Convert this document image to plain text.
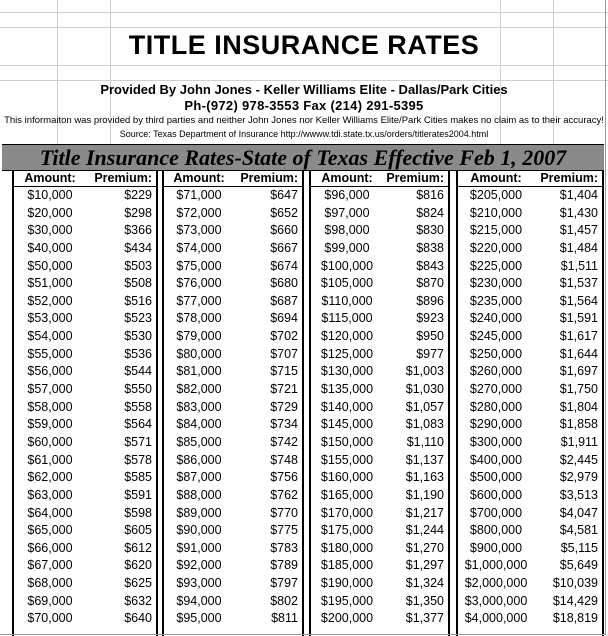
TITLE INSURANCE RATES
Provided By John Jones - Keller Williams Elite - Dallas/Park Cities
Ph-(972) 978-3553 Fax (214) 291-5395
This informaiton was provided by third parties and neither John Jones nor Keller Williams Elite/Park Cities makes no claim as to their accuracy!
Source: Texas Department of Insurance http://wwww.tdi.state.tx.us/orders/titlerates2004.html
Title Insurance Rates-State of Texas Effective Feb 1, 2007
Amount:	Premium:
$10,000	$229
$20,000	$298
$30,000	$366
$40,000	$434
$50,000	$503
$51,000	$508
$52,000	$516
$53,000	$523
$54,000	$530
$55,000	$536
$56,000	$544
$57,000	$550
$58,000	$558
$59,000	$564
$60,000	$571
$61,000	$578
$62,000	$585
$63,000	$591
$64,000	$598
$65,000	$605
$66,000	$612
$67,000	$620
$68,000	$625
$69,000	$632
$70,000	$640
Amount:	Premium:
$71,000	$647
$72,000	$652
$73,000	$660
$74,000	$667
$75,000	$674
$76,000	$680
$77,000	$687
$78,000	$694
$79,000	$702
$80,000	$707
$81,000	$715
$82,000	$721
$83,000	$729
$84,000	$734
$85,000	$742
$86,000	$748
$87,000	$756
$88,000	$762
$89,000	$770
$90,000	$775
$91,000	$783
$92,000	$789
$93,000	$797
$94,000	$802
$95,000	$811
Amount:	Premium:
$96,000	$816
$97,000	$824
$98,000	$830
$99,000	$838
$100,000	$843
$105,000	$870
$110,000	$896
$115,000	$923
$120,000	$950
$125,000	$977
$130,000	$1,003
$135,000	$1,030
$140,000	$1,057
$145,000	$1,083
$150,000	$1,110
$155,000	$1,137
$160,000	$1,163
$165,000	$1,190
$170,000	$1,217
$175,000	$1,244
$180,000	$1,270
$185,000	$1,297
$190,000	$1,324
$195,000	$1,350
$200,000	$1,377
Amount:	Premium:
$205,000	$1,404
$210,000	$1,430
$215,000	$1,457
$220,000	$1,484
$225,000	$1,511
$230,000	$1,537
$235,000	$1,564
$240,000	$1,591
$245,000	$1,617
$250,000	$1,644
$260,000	$1,697
$270,000	$1,750
$280,000	$1,804
$290,000	$1,858
$300,000	$1,911
$400,000	$2,445
$500,000	$2,979
$600,000	$3,513
$700,000	$4,047
$800,000	$4,581
$900,000	$5,115
$1,000,000	$5,649
$2,000,000	$10,039
$3,000,000	$14,429
$4,000,000	$18,819
